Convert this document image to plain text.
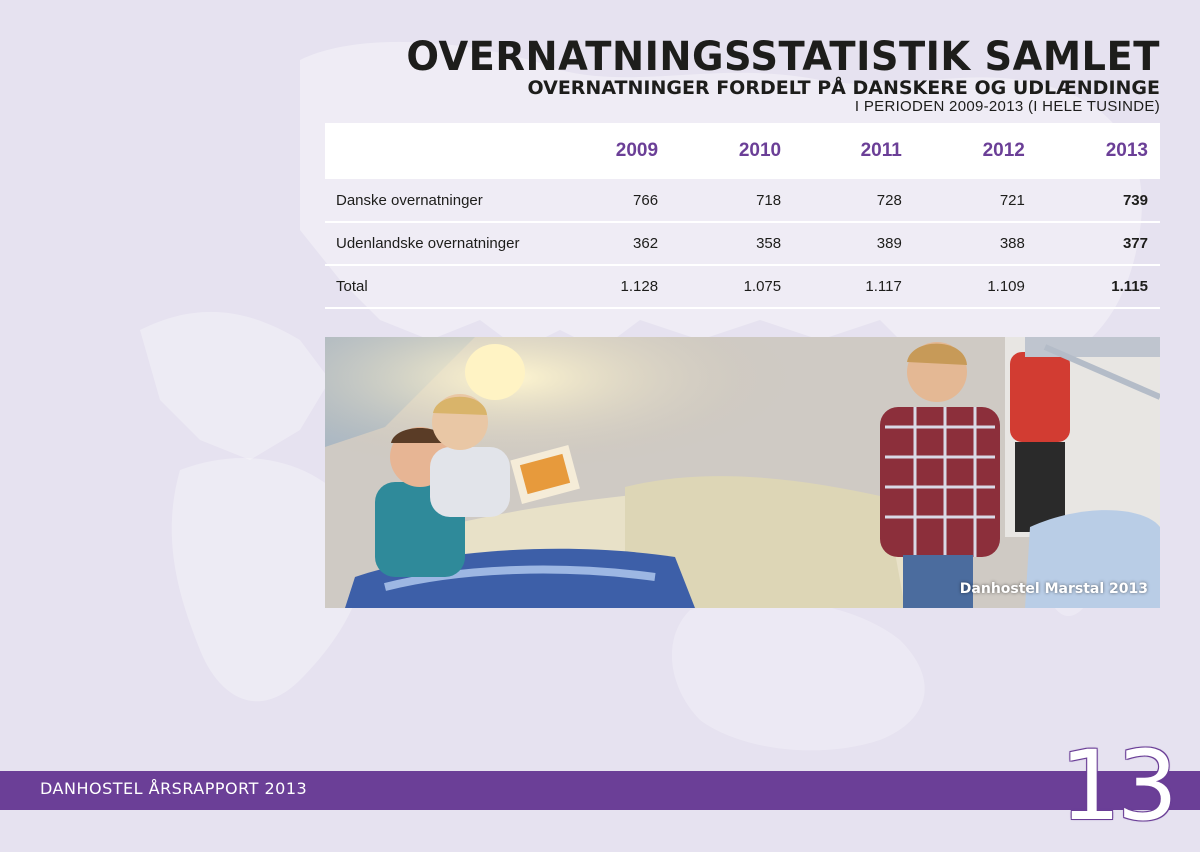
OVERNATNINGSSTATISTIK SAMLET
OVERNATNINGER FORDELT PÅ DANSKERE OG UDLÆNDINGE

I PERIODEN 2009-2013 (I HELE TUSINDE)

	2009	2010	2011	2012	2013
Danske overnatninger	766	718	728	721	739
Udenlandske overnatninger	362	358	389	388	377
Total	1.128	1.075	1.117	1.109	1.115
Danhostel Marstal 2013
DANHOSTEL ÅRSRAPPORT 2013	13
